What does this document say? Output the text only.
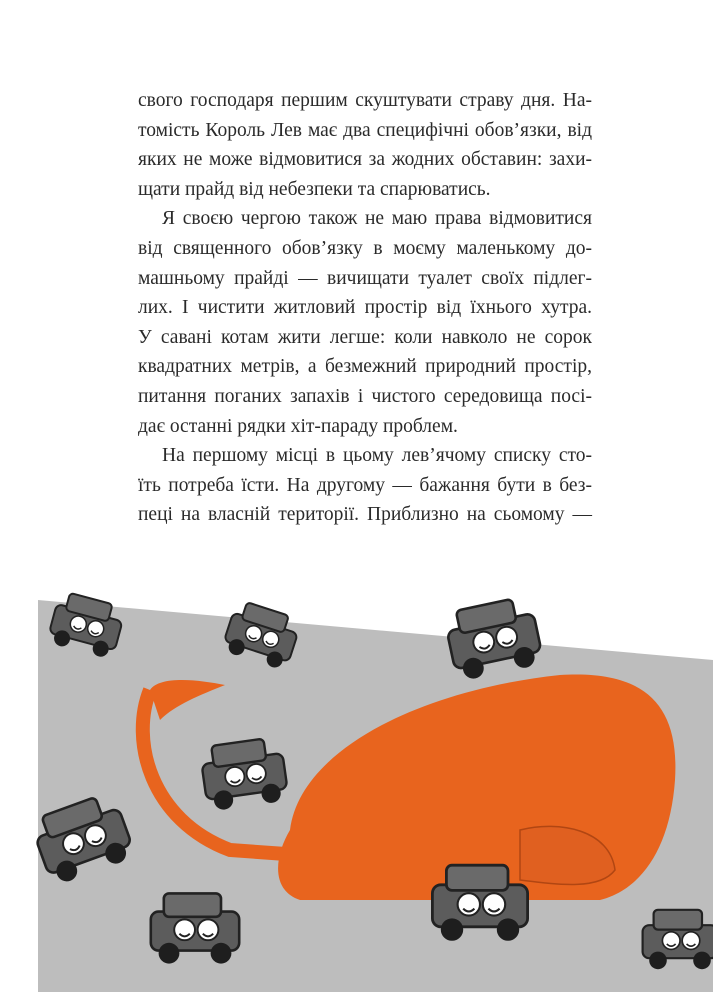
свого господаря першим скуштувати страву дня. На-
томість Король Лев має два специфічні обов’язки, від
яких не може відмовитися за жодних обставин: захи-
щати прайд від небезпеки та спарюватись.
Я своєю чергою також не маю права відмовитися
від священного обов’язку в моєму маленькому до-
машньому прайді — вичищати туалет своїх підлег-
лих. І чистити житловий простір від їхнього хутра.
У савані котам жити легше: коли навколо не сорок
квадратних метрів, а безмежний природний простір,
питання поганих запахів і чистого середовища посі-
дає останні рядки хіт-параду проблем.
На першому місці в цьому лев’ячому списку сто-
їть потреба їсти. На другому — бажання бути в без-
пеці на власній території. Приблизно на сьомому —
